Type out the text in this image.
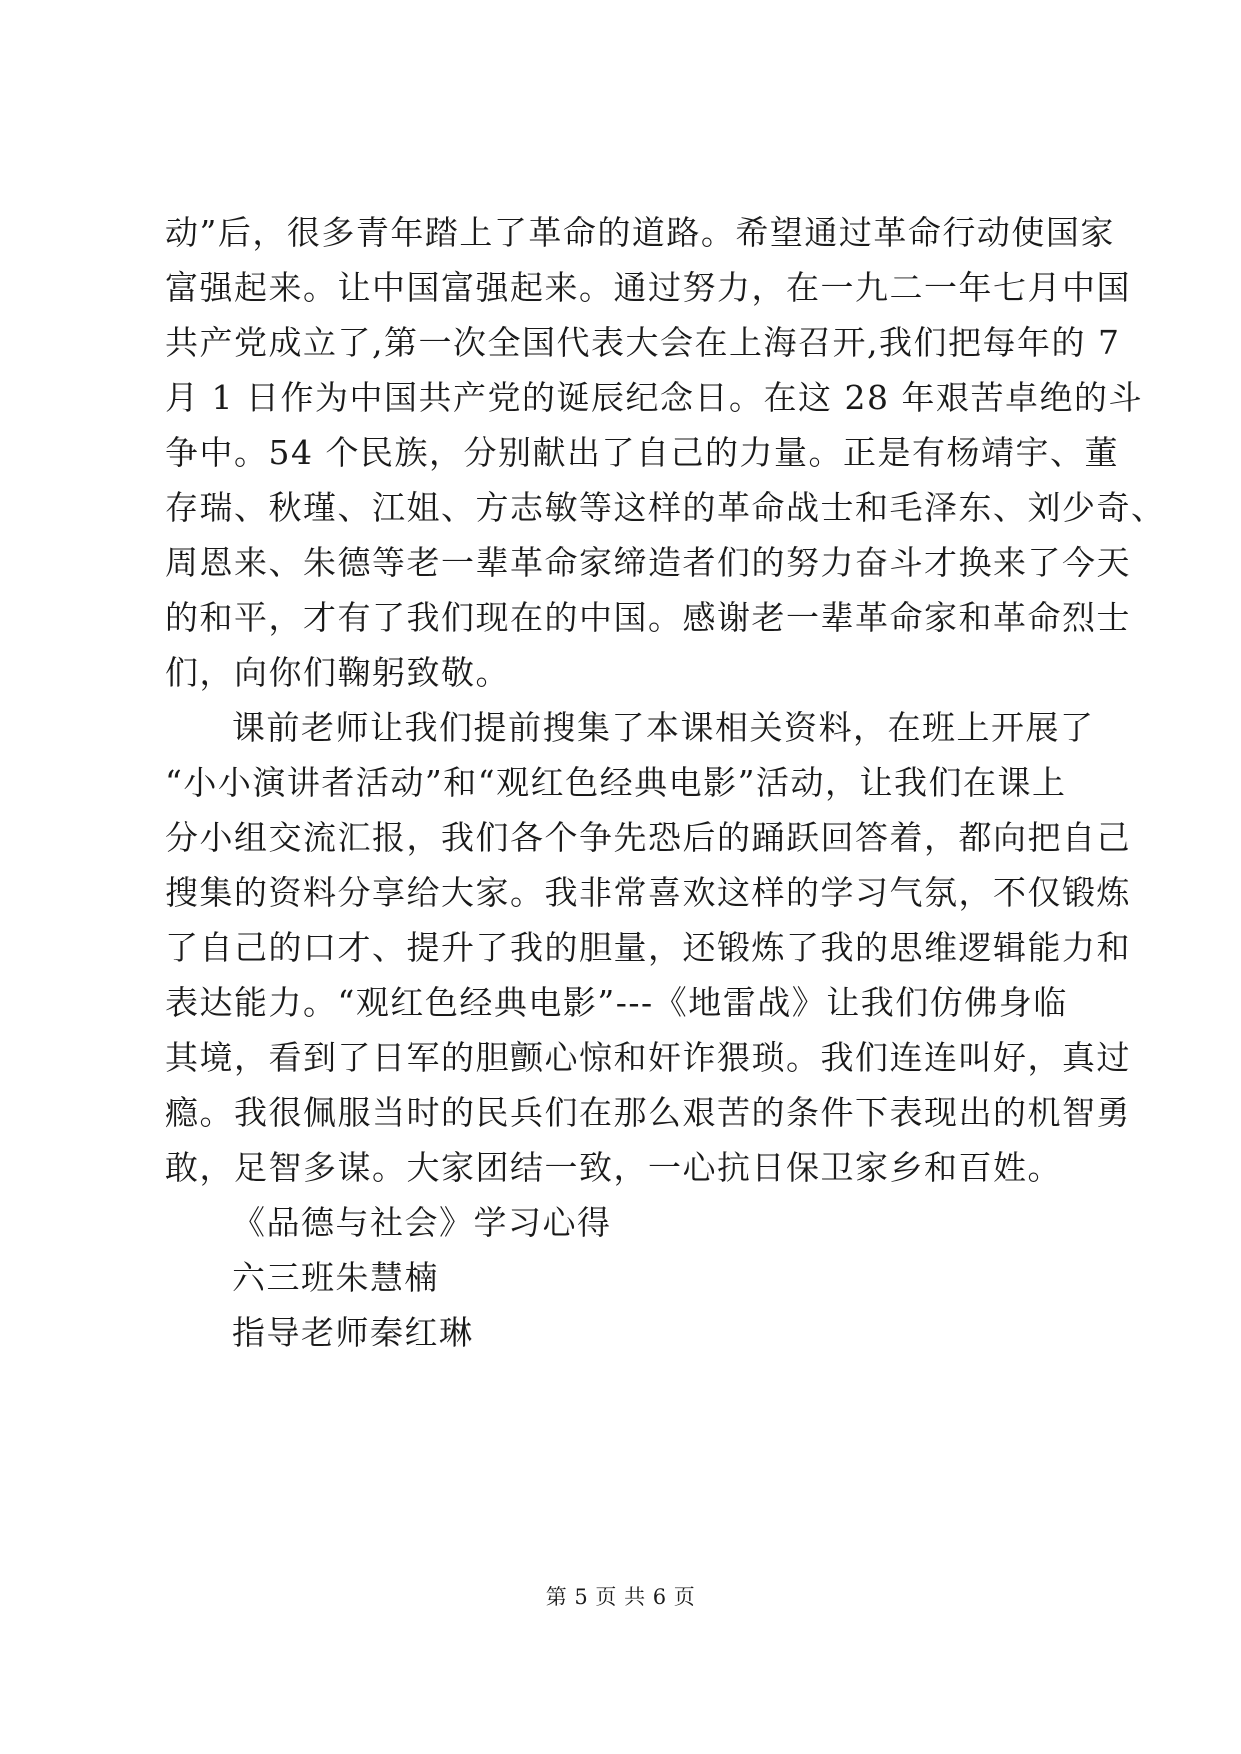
动”后，很多青年踏上了革命的道路。希望通过革命行动使国家
富强起来。让中国富强起来。通过努力，在一九二一年七月中国
共产党成立了,第一次全国代表大会在上海召开,我们把每年的 7
月 1 日作为中国共产党的诞辰纪念日。在这 28 年艰苦卓绝的斗
争中。54 个民族，分别献出了自己的力量。正是有杨靖宇、董
存瑞、秋瑾、江姐、方志敏等这样的革命战士和毛泽东、刘少奇、
周恩来、朱德等老一辈革命家缔造者们的努力奋斗才换来了今天
的和平，才有了我们现在的中国。感谢老一辈革命家和革命烈士
们，向你们鞠躬致敬。
课前老师让我们提前搜集了本课相关资料，在班上开展了
“小小演讲者活动”和“观红色经典电影”活动，让我们在课上
分小组交流汇报，我们各个争先恐后的踊跃回答着，都向把自己
搜集的资料分享给大家。我非常喜欢这样的学习气氛，不仅锻炼
了自己的口才、提升了我的胆量，还锻炼了我的思维逻辑能力和
表达能力。“观红色经典电影”---《地雷战》让我们仿佛身临
其境，看到了日军的胆颤心惊和奸诈猥琐。我们连连叫好，真过
瘾。我很佩服当时的民兵们在那么艰苦的条件下表现出的机智勇
敢，足智多谋。大家团结一致，一心抗日保卫家乡和百姓。
《品德与社会》学习心得
六三班朱慧楠
指导老师秦红琳
第 5 页 共 6 页
